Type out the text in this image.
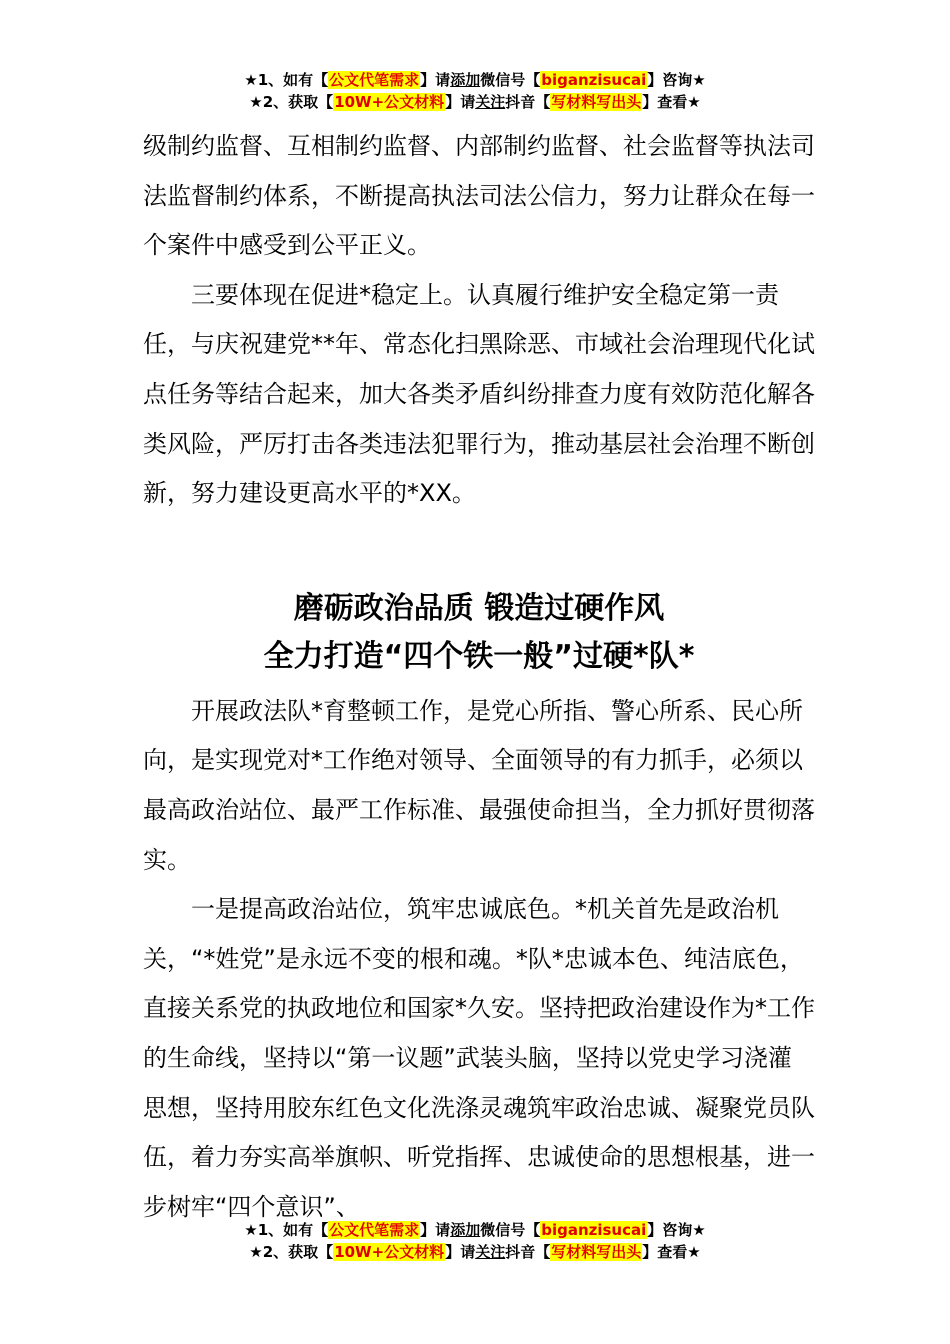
★1、如有【公文代笔需求】请添加微信号【biganzisucai】咨询★
★2、获取【10W+公文材料】请关注抖音【写材料写出头】查看★

级制约监督、互相制约监督、内部制约监督、社会监督等执法司法监督制约体系，不断提高执法司法公信力，努力让群众在每一个案件中感受到公平正义。

三要体现在促进*稳定上。认真履行维护安全稳定第一责任，与庆祝建党**年、常态化扫黑除恶、市域社会治理现代化试点任务等结合起来，加大各类矛盾纠纷排查力度有效防范化解各类风险，严厉打击各类违法犯罪行为，推动基层社会治理不断创新，努力建设更高水平的*XX。

磨砺政治品质 锻造过硬作风

全力打造“四个铁一般”过硬*队*

开展政法队*育整顿工作，是党心所指、警心所系、民心所向，是实现党对*工作绝对领导、全面领导的有力抓手，必须以最高政治站位、最严工作标准、最强使命担当，全力抓好贯彻落实。

一是提高政治站位，筑牢忠诚底色。*机关首先是政治机关，“*姓党”是永远不变的根和魂。*队*忠诚本色、纯洁底色，直接关系党的执政地位和国家*久安。坚持把政治建设作为*工作的生命线，坚持以“第一议题”武装头脑，坚持以党史学习浇灌思想，坚持用胶东红色文化洗涤灵魂筑牢政治忠诚、凝聚党员队伍，着力夯实高举旗帜、听党指挥、忠诚使命的思想根基，进一步树牢“四个意识”、

★1、如有【公文代笔需求】请添加微信号【biganzisucai】咨询★
★2、获取【10W+公文材料】请关注抖音【写材料写出头】查看★
